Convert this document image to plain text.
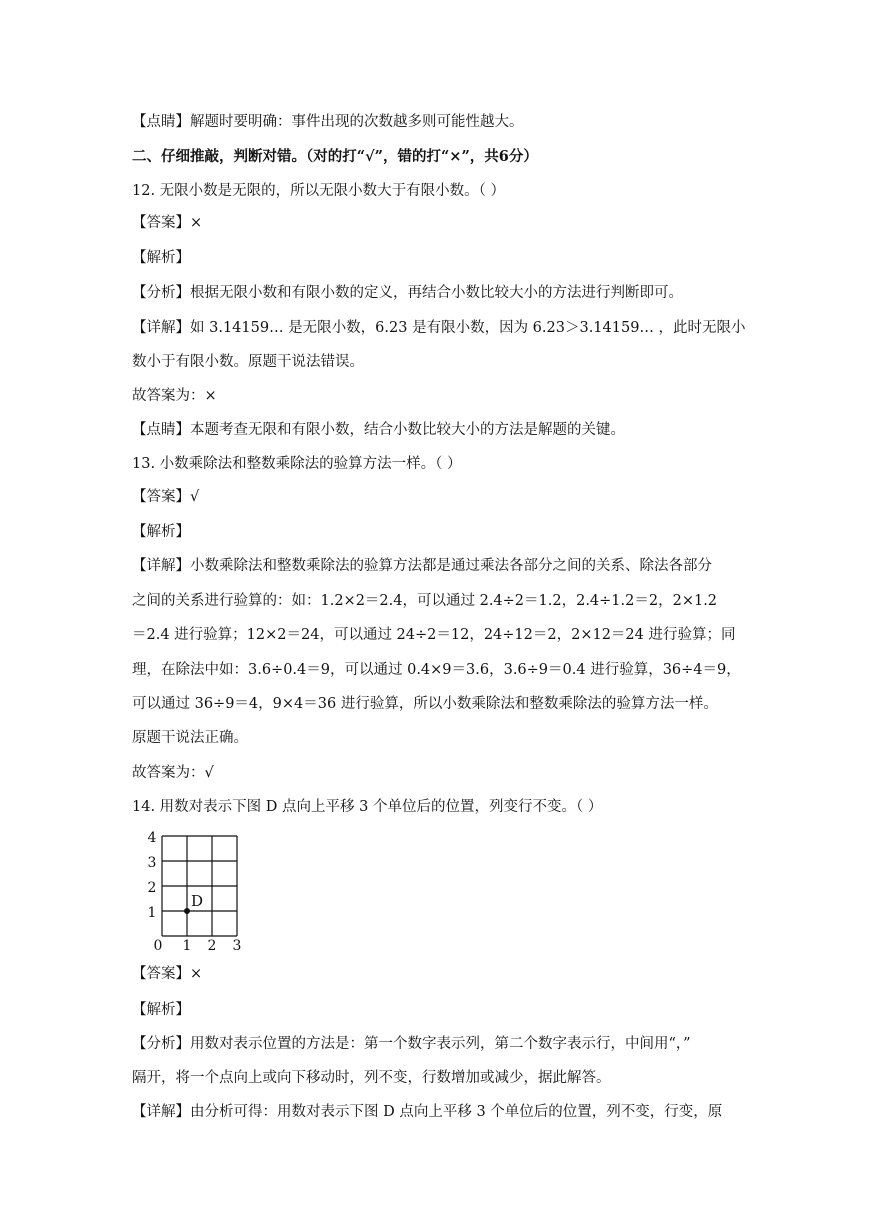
【点睛】解题时要明确：事件出现的次数越多则可能性越大。
二、仔细推敲，判断对错。（对的打“√”，错的打“×”，共6分）
12. 无限小数是无限的，所以无限小数大于有限小数。（ ）
【答案】×
【解析】
【分析】根据无限小数和有限小数的定义，再结合小数比较大小的方法进行判断即可。
【详解】如 3.14159… 是无限小数，6.23 是有限小数，因为 6.23＞3.14159… ，此时无限小
数小于有限小数。原题干说法错误。
故答案为：×
【点睛】本题考查无限和有限小数，结合小数比较大小的方法是解题的关键。
13. 小数乘除法和整数乘除法的验算方法一样。（ ）
【答案】√
【解析】
【详解】小数乘除法和整数乘除法的验算方法都是通过乘法各部分之间的关系、除法各部分
之间的关系进行验算的：如：1.2×2＝2.4，可以通过 2.4÷2＝1.2，2.4÷1.2＝2，2×1.2
＝2.4 进行验算；12×2＝24，可以通过 24÷2＝12，24÷12＝2，2×12＝24 进行验算；同
理，在除法中如：3.6÷0.4＝9，可以通过 0.4×9＝3.6，3.6÷9＝0.4 进行验算，36÷4＝9，
可以通过 36÷9＝4，9×4＝36 进行验算，所以小数乘除法和整数乘除法的验算方法一样。
原题干说法正确。
故答案为：√
14. 用数对表示下图 D 点向上平移 3 个单位后的位置，列变行不变。（ ）
0 1 2 3
1
2
3
4
D
【答案】×
【解析】
【分析】用数对表示位置的方法是：第一个数字表示列，第二个数字表示行，中间用“，”
隔开，将一个点向上或向下移动时，列不变，行数增加或减少，据此解答。
【详解】由分析可得：用数对表示下图 D 点向上平移 3 个单位后的位置，列不变，行变，原
